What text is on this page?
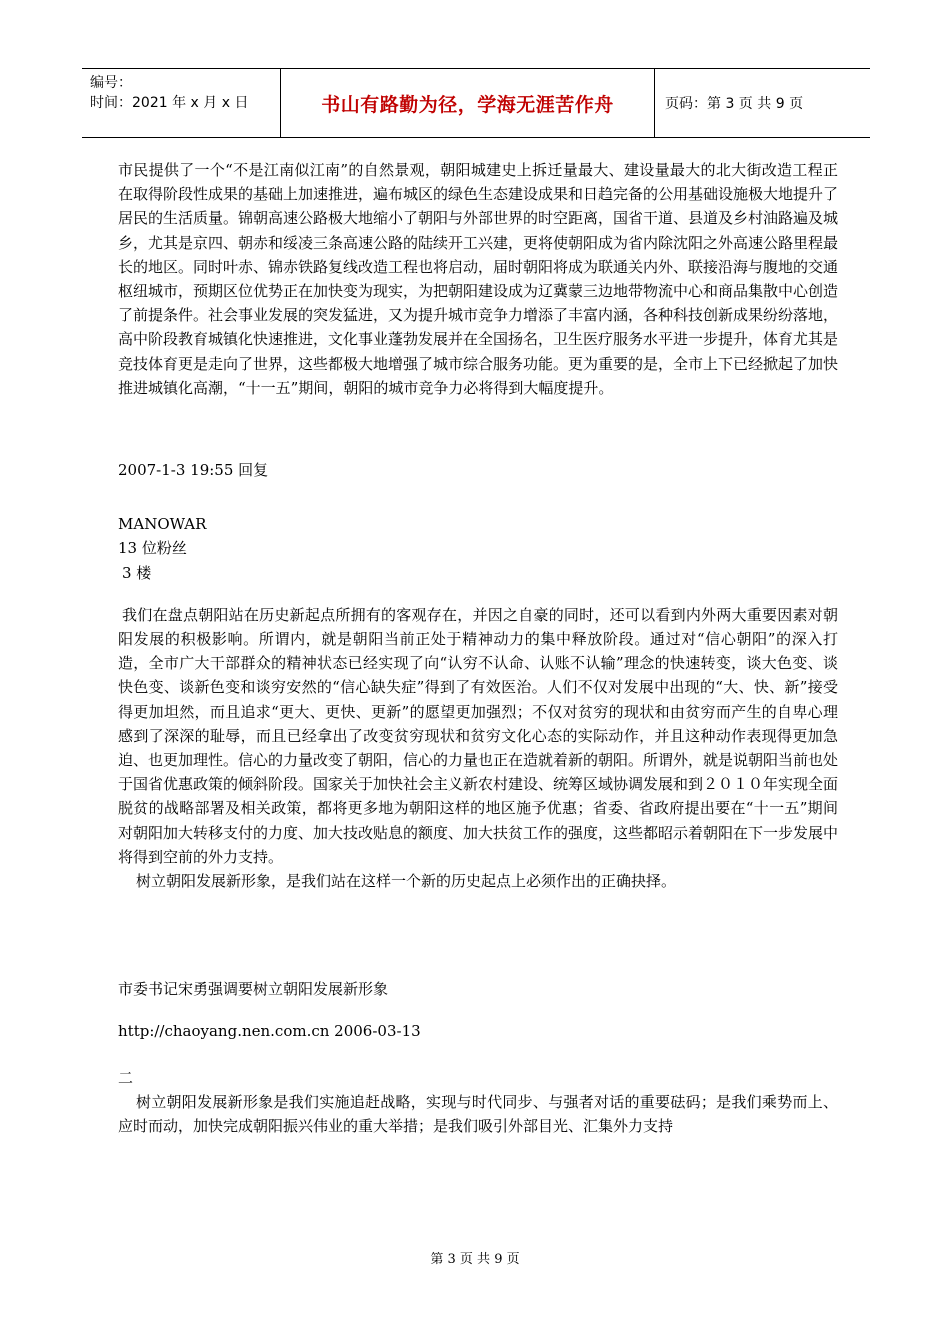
编号：
时间：2021 年 x 月 x 日	书山有路勤为径，学海无涯苦作舟	页码：第 3 页 共 9 页

市民提供了一个“不是江南似江南”的自然景观，朝阳城建史上拆迁量最大、建设量最大的北大街改造工程正在取得阶段性成果的基础上加速推进，遍布城区的绿色生态建设成果和日趋完备的公用基础设施极大地提升了居民的生活质量。锦朝高速公路极大地缩小了朝阳与外部世界的时空距离，国省干道、县道及乡村油路遍及城乡，尤其是京四、朝赤和绥凌三条高速公路的陆续开工兴建，更将使朝阳成为省内除沈阳之外高速公路里程最长的地区。同时叶赤、锦赤铁路复线改造工程也将启动，届时朝阳将成为联通关内外、联接沿海与腹地的交通枢纽城市，预期区位优势正在加快变为现实，为把朝阳建设成为辽冀蒙三边地带物流中心和商品集散中心创造了前提条件。社会事业发展的突发猛进，又为提升城市竞争力增添了丰富内涵，各种科技创新成果纷纷落地，高中阶段教育城镇化快速推进，文化事业蓬勃发展并在全国扬名，卫生医疗服务水平进一步提升，体育尤其是竞技体育更是走向了世界，这些都极大地增强了城市综合服务功能。更为重要的是，全市上下已经掀起了加快推进城镇化高潮，“十一五”期间，朝阳的城市竞争力必将得到大幅度提升。

2007-1-3 19:55 回复

MANOWAR

13 位粉丝

3 楼

我们在盘点朝阳站在历史新起点所拥有的客观存在，并因之自豪的同时，还可以看到内外两大重要因素对朝阳发展的积极影响。所谓内，就是朝阳当前正处于精神动力的集中释放阶段。通过对“信心朝阳”的深入打造，全市广大干部群众的精神状态已经实现了向“认穷不认命、认账不认输”理念的快速转变，谈大色变、谈快色变、谈新色变和谈穷安然的“信心缺失症”得到了有效医治。人们不仅对发展中出现的“大、快、新”接受得更加坦然，而且追求“更大、更快、更新”的愿望更加强烈；不仅对贫穷的现状和由贫穷而产生的自卑心理感到了深深的耻辱，而且已经拿出了改变贫穷现状和贫穷文化心态的实际动作，并且这种动作表现得更加急迫、也更加理性。信心的力量改变了朝阳，信心的力量也正在造就着新的朝阳。所谓外，就是说朝阳当前也处于国省优惠政策的倾斜阶段。国家关于加快社会主义新农村建设、统筹区域协调发展和到２０１０年实现全面脱贫的战略部署及相关政策，都将更多地为朝阳这样的地区施予优惠；省委、省政府提出要在“十一五”期间对朝阳加大转移支付的力度、加大技改贴息的额度、加大扶贫工作的强度，这些都昭示着朝阳在下一步发展中将得到空前的外力支持。

树立朝阳发展新形象，是我们站在这样一个新的历史起点上必须作出的正确抉择。

市委书记宋勇强调要树立朝阳发展新形象

http://chaoyang.nen.com.cn 2006-03-13

二

树立朝阳发展新形象是我们实施追赶战略，实现与时代同步、与强者对话的重要砝码；是我们乘势而上、应时而动，加快完成朝阳振兴伟业的重大举措；是我们吸引外部目光、汇集外力支持

第 3 页 共 9 页
